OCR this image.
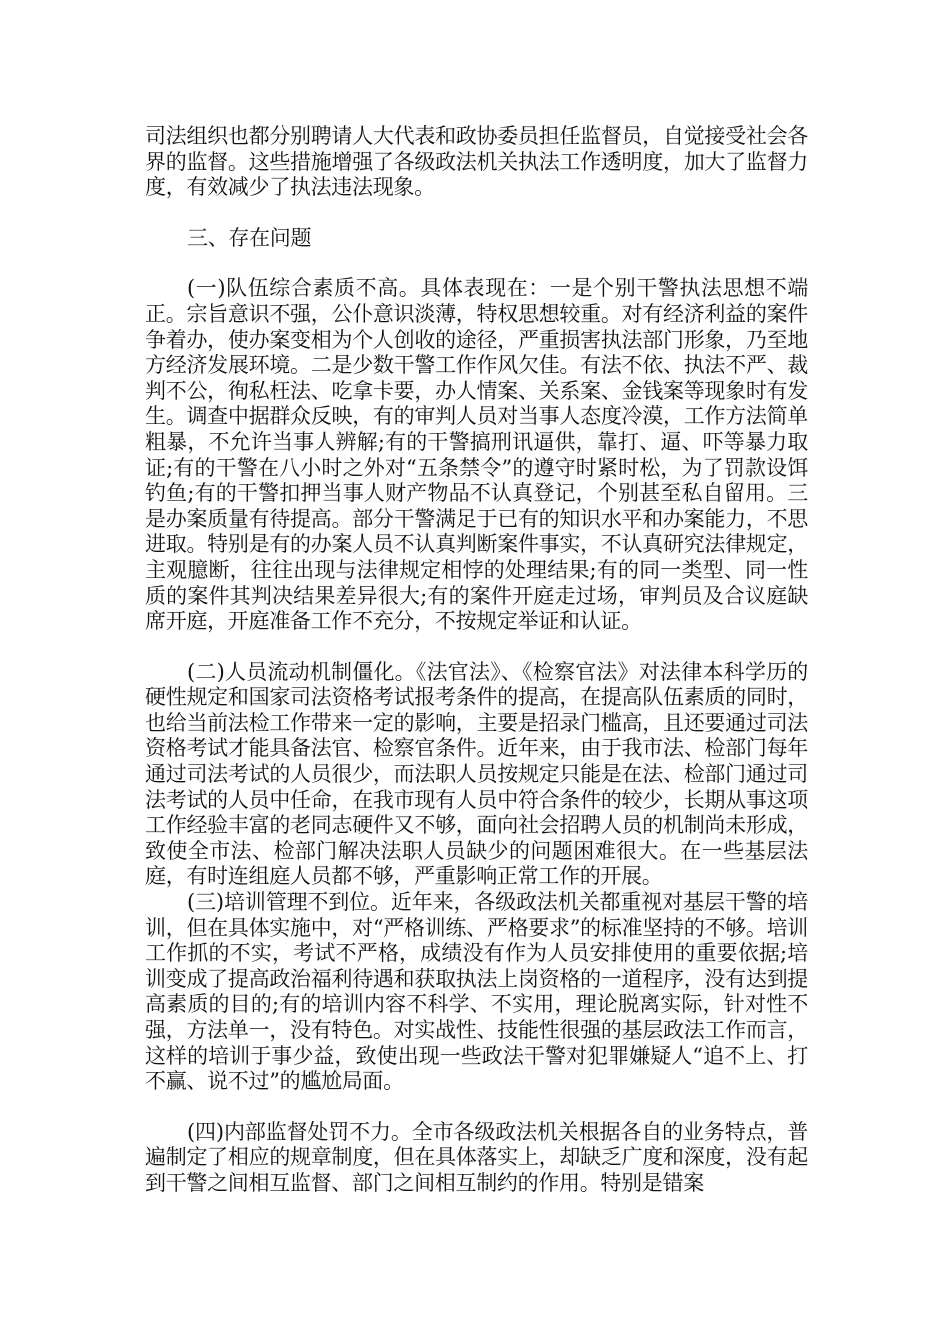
司法组织也都分别聘请人大代表和政协委员担任监督员，自觉接受社会各界的监督。这些措施增强了各级政法机关执法工作透明度，加大了监督力度，有效减少了执法违法现象。

三、存在问题

(一)队伍综合素质不高。具体表现在：一是个别干警执法思想不端正。宗旨意识不强，公仆意识淡薄，特权思想较重。对有经济利益的案件争着办，使办案变相为个人创收的途径，严重损害执法部门形象，乃至地方经济发展环境。二是少数干警工作作风欠佳。有法不依、执法不严、裁判不公，徇私枉法、吃拿卡要，办人情案、关系案、金钱案等现象时有发生。调查中据群众反映，有的审判人员对当事人态度冷漠，工作方法简单粗暴，不允许当事人辨解;有的干警搞刑讯逼供，靠打、逼、吓等暴力取证;有的干警在八小时之外对“五条禁令”的遵守时紧时松，为了罚款设饵钓鱼;有的干警扣押当事人财产物品不认真登记，个别甚至私自留用。三是办案质量有待提高。部分干警满足于已有的知识水平和办案能力，不思进取。特别是有的办案人员不认真判断案件事实，不认真研究法律规定，主观臆断，往往出现与法律规定相悖的处理结果;有的同一类型、同一性质的案件其判决结果差异很大;有的案件开庭走过场，审判员及合议庭缺席开庭，开庭准备工作不充分，不按规定举证和认证。

(二)人员流动机制僵化。《法官法》、《检察官法》对法律本科学历的硬性规定和国家司法资格考试报考条件的提高，在提高队伍素质的同时，也给当前法检工作带来一定的影响，主要是招录门槛高，且还要通过司法资格考试才能具备法官、检察官条件。近年来，由于我市法、检部门每年通过司法考试的人员很少，而法职人员按规定只能是在法、检部门通过司法考试的人员中任命，在我市现有人员中符合条件的较少，长期从事这项工作经验丰富的老同志硬件又不够，面向社会招聘人员的机制尚未形成，致使全市法、检部门解决法职人员缺少的问题困难很大。在一些基层法庭，有时连组庭人员都不够，严重影响正常工作的开展。

(三)培训管理不到位。近年来，各级政法机关都重视对基层干警的培训，但在具体实施中，对“严格训练、严格要求”的标准坚持的不够。培训工作抓的不实，考试不严格，成绩没有作为人员安排使用的重要依据;培训变成了提高政治福利待遇和获取执法上岗资格的一道程序，没有达到提高素质的目的;有的培训内容不科学、不实用，理论脱离实际，针对性不强，方法单一，没有特色。对实战性、技能性很强的基层政法工作而言，这样的培训于事少益，致使出现一些政法干警对犯罪嫌疑人“追不上、打不赢、说不过”的尴尬局面。

(四)内部监督处罚不力。全市各级政法机关根据各自的业务特点，普遍制定了相应的规章制度，但在具体落实上，却缺乏广度和深度，没有起到干警之间相互监督、部门之间相互制约的作用。特别是错案
